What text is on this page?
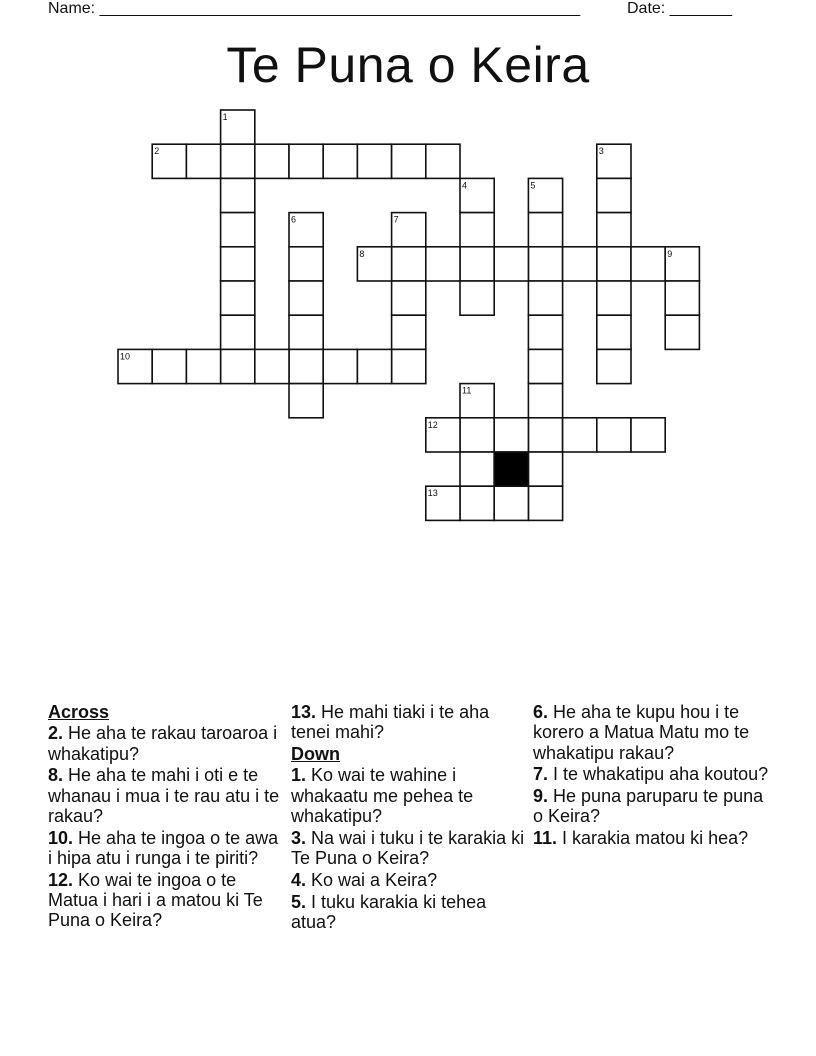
Name: ______________________________________________________	Date: _______
Te Puna o Keira
1
2	3
4	5
6	7
8	9
10
11
12
13
Across
2. He aha te rakau taroaroa i whakatipu?
8. He aha te mahi i oti e te whanau i mua i te rau atu i te rakau?
10. He aha te ingoa o te awa i hipa atu i runga i te piriti?
12. Ko wai te ingoa o te Matua i hari i a matou ki Te Puna o Keira?
13. He mahi tiaki i te aha tenei mahi?
Down
1. Ko wai te wahine i whakaatu me pehea te whakatipu?
3. Na wai i tuku i te karakia ki Te Puna o Keira?
4. Ko wai a Keira?
5. I tuku karakia ki tehea atua?
6. He aha te kupu hou i te korero a Matua Matu mo te whakatipu rakau?
7. I te whakatipu aha koutou?
9. He puna paruparu te puna o Keira?
11. I karakia matou ki hea?
